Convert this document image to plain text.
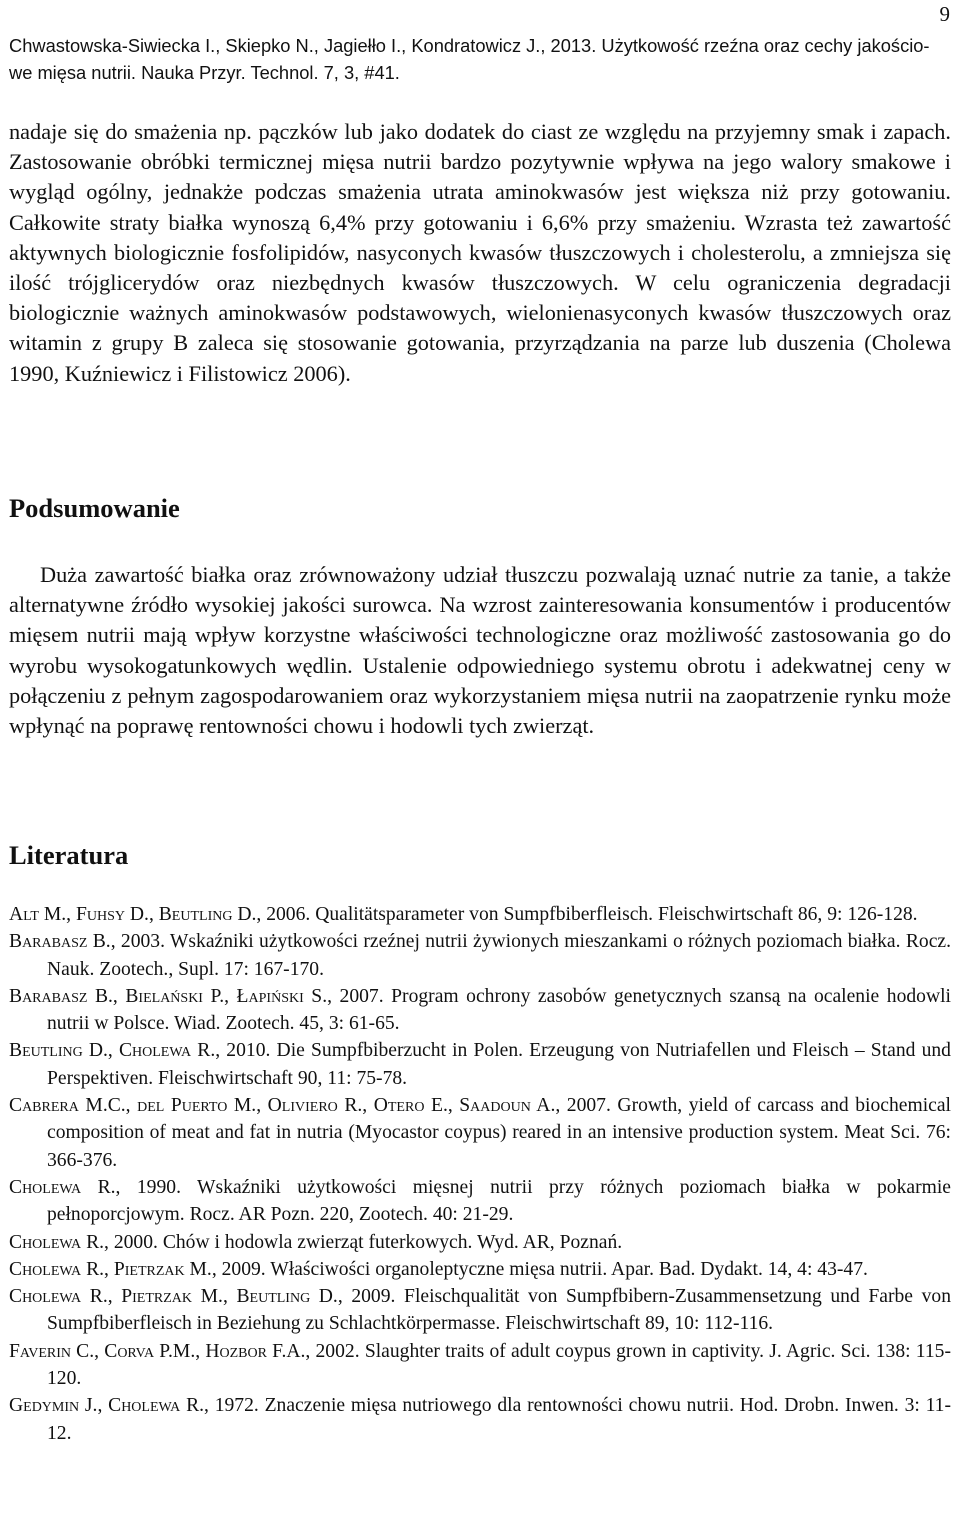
Chwastowska-Siwiecka I., Skiepko N., Jagiełło I., Kondratowicz J., 2013. Użytkowość rzeźna oraz cechy jakościo-
we mięsa nutrii. Nauka Przyr. Technol. 7, 3, #41.
9

nadaje się do smażenia np. pączków lub jako dodatek do ciast ze względu na przyjemny smak i zapach. Zastosowanie obróbki termicznej mięsa nutrii bardzo pozytywnie wpływa na jego walory smakowe i wygląd ogólny, jednakże podczas smażenia utrata aminokwasów jest większa niż przy gotowaniu. Całkowite straty białka wynoszą 6,4% przy gotowaniu i 6,6% przy smażeniu. Wzrasta też zawartość aktywnych biologicznie fosfolipidów, nasyconych kwasów tłuszczowych i cholesterolu, a zmniejsza się ilość trójglicerydów oraz niezbędnych kwasów tłuszczowych. W celu ograniczenia degradacji biologicznie ważnych aminokwasów podstawowych, wielonienasyconych kwasów tłuszczowych oraz witamin z grupy B zaleca się stosowanie gotowania, przyrządzania na parze lub duszenia (Cholewa 1990, Kuźniewicz i Filistowicz 2006).

Podsumowanie

Duża zawartość białka oraz zrównoważony udział tłuszczu pozwalają uznać nutrie za tanie, a także alternatywne źródło wysokiej jakości surowca. Na wzrost zainteresowania konsumentów i producentów mięsem nutrii mają wpływ korzystne właściwości technologiczne oraz możliwość zastosowania go do wyrobu wysokogatunkowych wędlin. Ustalenie odpowiedniego systemu obrotu i adekwatnej ceny w połączeniu z pełnym zagospodarowaniem oraz wykorzystaniem mięsa nutrii na zaopatrzenie rynku może wpłynąć na poprawę rentowności chowu i hodowli tych zwierząt.

Literatura
Alt M., Fuhsy D., Beutling D., 2006. Qualitätsparameter von Sumpfbiberfleisch. Fleischwirtschaft 86, 9: 126-128.
Barabasz B., 2003. Wskaźniki użytkowości rzeźnej nutrii żywionych mieszankami o różnych poziomach białka. Rocz. Nauk. Zootech., Supl. 17: 167-170.
Barabasz B., Bielański P., Łapiński S., 2007. Program ochrony zasobów genetycznych szansą na ocalenie hodowli nutrii w Polsce. Wiad. Zootech. 45, 3: 61-65.
Beutling D., Cholewa R., 2010. Die Sumpfbiberzucht in Polen. Erzeugung von Nutriafellen und Fleisch – Stand und Perspektiven. Fleischwirtschaft 90, 11: 75-78.
Cabrera M.C., del Puerto M., Oliviero R., Otero E., Saadoun A., 2007. Growth, yield of carcass and biochemical composition of meat and fat in nutria (Myocastor coypus) reared in an intensive production system. Meat Sci. 76: 366-376.
Cholewa R., 1990. Wskaźniki użytkowości mięsnej nutrii przy różnych poziomach białka w pokarmie pełnoporcjowym. Rocz. AR Pozn. 220, Zootech. 40: 21-29.
Cholewa R., 2000. Chów i hodowla zwierząt futerkowych. Wyd. AR, Poznań.
Cholewa R., Pietrzak M., 2009. Właściwości organoleptyczne mięsa nutrii. Apar. Bad. Dydakt. 14, 4: 43-47.
Cholewa R., Pietrzak M., Beutling D., 2009. Fleischqualität von Sumpfbibern-Zusammensetzung und Farbe von Sumpfbiberfleisch in Beziehung zu Schlachtkörpermasse. Fleischwirtschaft 89, 10: 112-116.
Faverin C., Corva P.M., Hozbor F.A., 2002. Slaughter traits of adult coypus grown in captivity. J. Agric. Sci. 138: 115-120.
Gedymin J., Cholewa R., 1972. Znaczenie mięsa nutriowego dla rentowności chowu nutrii. Hod. Drobn. Inwen. 3: 11-12.
